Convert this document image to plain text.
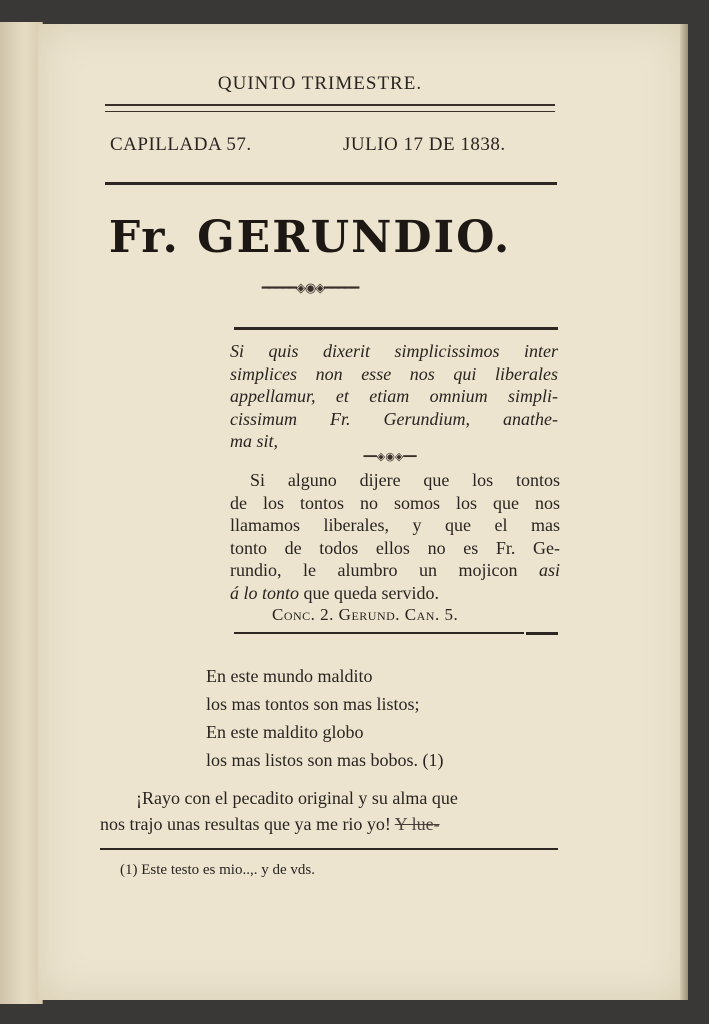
QUINTO TRIMESTRE.
CAPILLADA 57.	JULIO 17 DE 1838.
Fr. GERUNDIO.
━━━━━◈◉◈━━━━━
Si quis dixerit simplicissimos inter
simplices non esse nos qui liberales
appellamur, et etiam omnium simpli-
cissimum Fr. Gerundium, anathe-
ma sit,
━━◈◉◈━━
Si alguno dijere que los tontos
de los tontos no somos los que nos
llamamos liberales, y que el mas
tonto de todos ellos no es Fr. Ge-
rundio, le alumbro un mojicon asi
á lo tonto que queda servido.
Conc. 2. Gerund. Can. 5.
En este mundo maldito
los mas tontos son mas listos;
En este maldito globo
los mas listos son mas bobos. (1)
¡Rayo con el pecadito original y su alma que
nos trajo unas resultas que ya me rio yo! Y lue-
(1) Este testo es mio..,. y de vds.
